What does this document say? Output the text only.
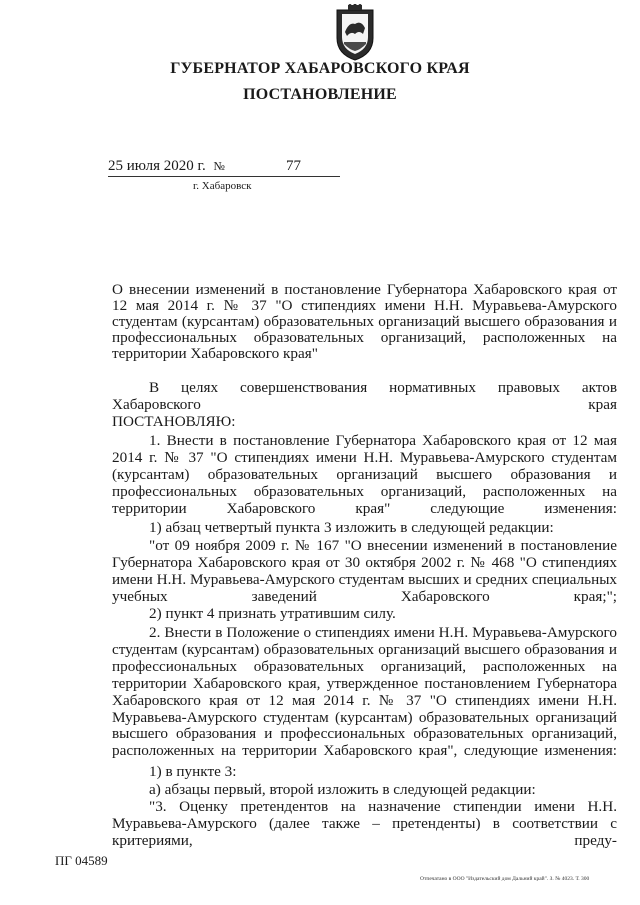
ГУБЕРНАТОР ХАБАРОВСКОГО КРАЯ
ПОСТАНОВЛЕНИЕ
25 июля 2020 г. №	77
г. Хабаровск

О внесении изменений в постановление Губернатора Хабаровского края от 12 мая 2014 г. № 37 "О стипендиях имени Н.Н. Муравьева-Амурского студентам (курсантам) образовательных организаций высшего образования и профессиональных образовательных организаций, расположенных на территории Хабаровского края"

В целях совершенствования нормативных правовых актов Хабаровского края

ПОСТАНОВЛЯЮ:

1. Внести в постановление Губернатора Хабаровского края от 12 мая 2014 г. № 37 "О стипендиях имени Н.Н. Муравьева-Амурского студентам (курсантам) образовательных организаций высшего образования и профессиональных образовательных организаций, расположенных на территории Хабаровского края" следующие изменения:

1) абзац четвертый пункта 3 изложить в следующей редакции:

"от 09 ноября 2009 г. № 167 "О внесении изменений в постановление Губернатора Хабаровского края от 30 октября 2002 г. № 468 "О стипендиях имени Н.Н. Муравьева-Амурского студентам высших и средних специальных учебных заведений Хабаровского края;";

2) пункт 4 признать утратившим силу.

2. Внести в Положение о стипендиях имени Н.Н. Муравьева-Амурского студентам (курсантам) образовательных организаций высшего образования и профессиональных образовательных организаций, расположенных на территории Хабаровского края, утвержденное постановлением Губернатора Хабаровского края от 12 мая 2014 г. № 37 "О стипендиях имени Н.Н. Муравьева-Амурского студентам (курсантам) образовательных организаций высшего образования и профессиональных образовательных организаций, расположенных на территории Хабаровского края", следующие изменения:

1) в пункте 3:

а) абзацы первый, второй изложить в следующей редакции:

"3. Оценку претендентов на назначение стипендии имени Н.Н. Муравьева-Амурского (далее также – претенденты) в соответствии с критериями, преду-

ПГ 04589
Отпечатано в ООО "Издательский дом Дальний край". З. № 4023. Т. 300
